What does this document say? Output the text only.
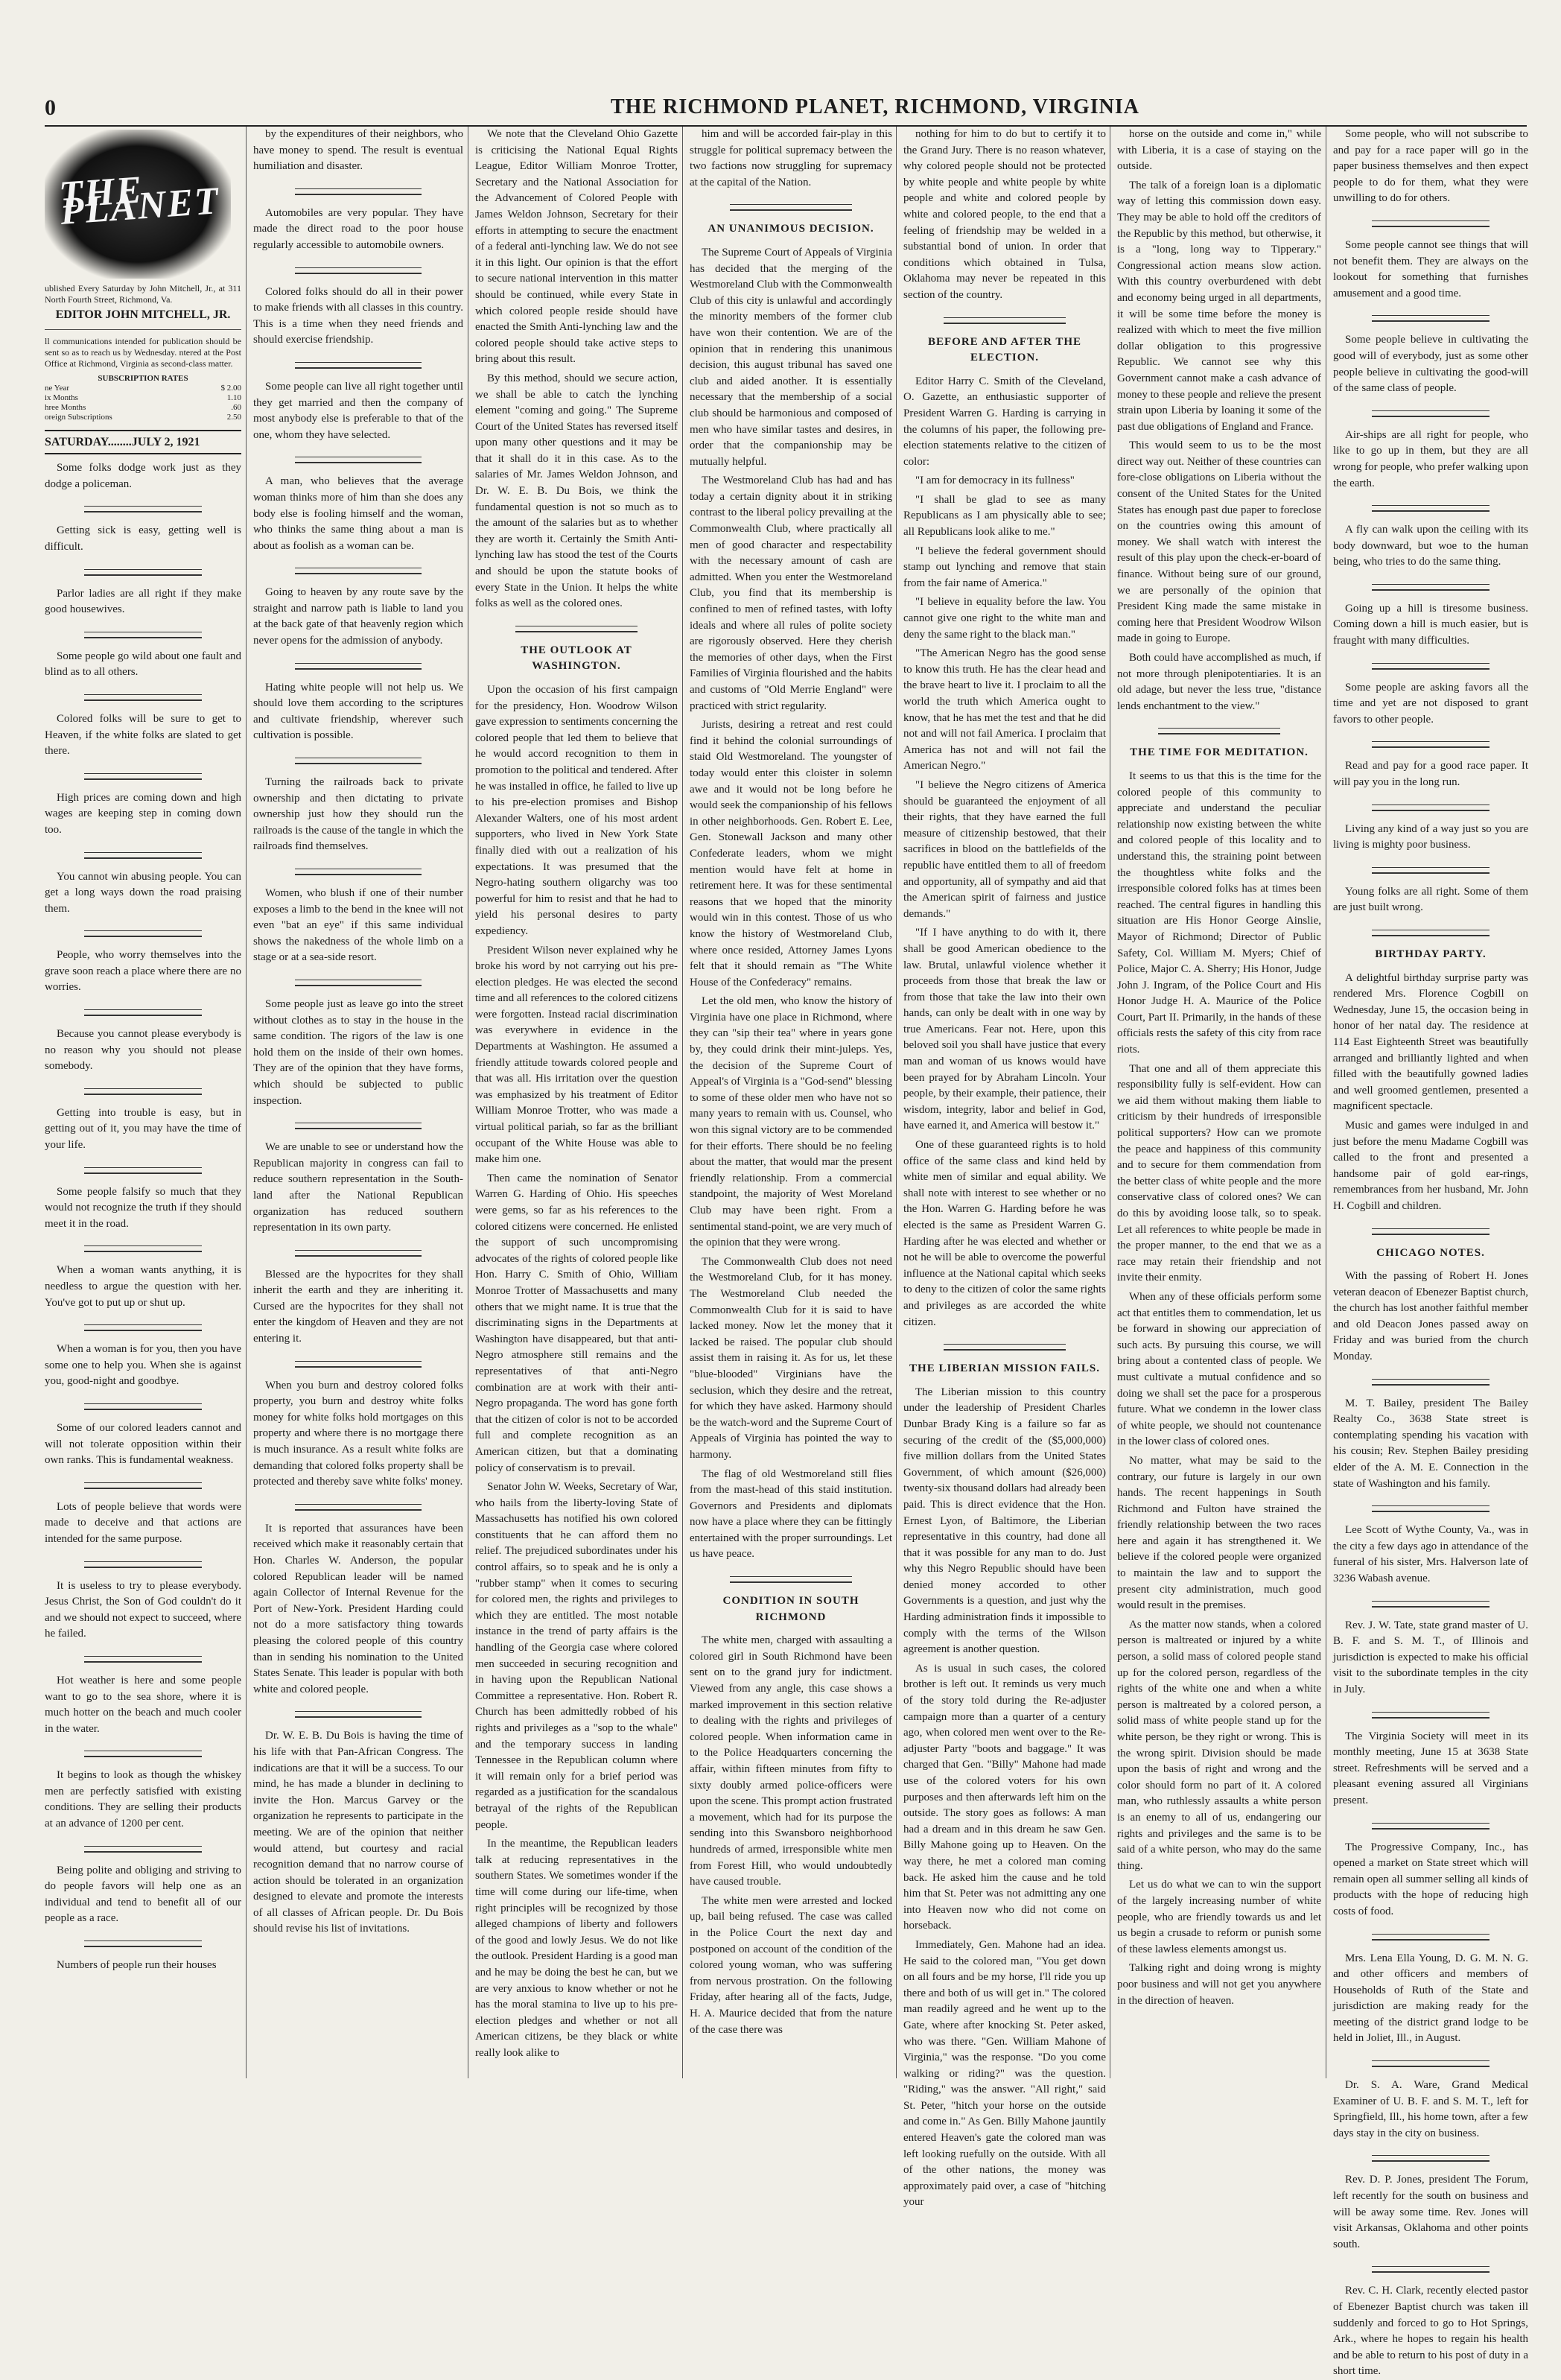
0	THE RICHMOND PLANET, RICHMOND, VIRGINIA
THE PLANET
ublished Every Saturday by John Mitchell, Jr., at 311 North Fourth Street, Richmond, Va.
EDITOR JOHN MITCHELL, JR.
ll communications intended for publication should be sent so as to reach us by Wednesday. ntered at the Post Office at Richmond, Virginia as second-class matter.
SUBSCRIPTION RATES
ne Year	$ 2.00
ix Months	1.10
hree Months	.60
oreign Subscriptions	2.50
SATURDAY........JULY 2, 1921

Some folks dodge work just as they dodge a policeman.

Getting sick is easy, getting well is difficult.

Parlor ladies are all right if they make good housewives.

Some people go wild about one fault and blind as to all others.

Colored folks will be sure to get to Heaven, if the white folks are slated to get there.

High prices are coming down and high wages are keeping step in coming down too.

You cannot win abusing people. You can get a long ways down the road praising them.

People, who worry themselves into the grave soon reach a place where there are no worries.

Because you cannot please everybody is no reason why you should not please somebody.

Getting into trouble is easy, but in getting out of it, you may have the time of your life.

Some people falsify so much that they would not recognize the truth if they should meet it in the road.

When a woman wants anything, it is needless to argue the question with her. You've got to put up or shut up.

When a woman is for you, then you have some one to help you. When she is against you, good-night and goodbye.

Some of our colored leaders cannot and will not tolerate opposition within their own ranks. This is fundamental weakness.

Lots of people believe that words were made to deceive and that actions are intended for the same purpose.

It is useless to try to please everybody. Jesus Christ, the Son of God couldn't do it and we should not expect to succeed, where he failed.

Hot weather is here and some people want to go to the sea shore, where it is much hotter on the beach and much cooler in the water.

It begins to look as though the whiskey men are perfectly satisfied with existing conditions. They are selling their products at an advance of 1200 per cent.

Being polite and obliging and striving to do people favors will help one as an individual and tend to benefit all of our people as a race.

Numbers of people run their houses

by the expenditures of their neighbors, who have money to spend. The result is eventual humiliation and disaster.

Automobiles are very popular. They have made the direct road to the poor house regularly accessible to automobile owners.

Colored folks should do all in their power to make friends with all classes in this country. This is a time when they need friends and should exercise friendship.

Some people can live all right together until they get married and then the company of most anybody else is preferable to that of the one, whom they have selected.

A man, who believes that the average woman thinks more of him than she does any body else is fooling himself and the woman, who thinks the same thing about a man is about as foolish as a woman can be.

Going to heaven by any route save by the straight and narrow path is liable to land you at the back gate of that heavenly region which never opens for the admission of anybody.

Hating white people will not help us. We should love them according to the scriptures and cultivate friendship, wherever such cultivation is possible.

Turning the railroads back to private ownership and then dictating to private ownership just how they should run the railroads is the cause of the tangle in which the railroads find themselves.

Women, who blush if one of their number exposes a limb to the bend in the knee will not even "bat an eye" if this same individual shows the nakedness of the whole limb on a stage or at a sea-side resort.

Some people just as leave go into the street without clothes as to stay in the house in the same condition. The rigors of the law is one hold them on the inside of their own homes. They are of the opinion that they have forms, which should be subjected to public inspection.

We are unable to see or understand how the Republican majority in congress can fail to reduce southern representation in the South-land after the National Republican organization has reduced southern representation in its own party.

Blessed are the hypocrites for they shall inherit the earth and they are inheriting it. Cursed are the hypocrites for they shall not enter the kingdom of Heaven and they are not entering it.

When you burn and destroy colored folks property, you burn and destroy white folks money for white folks hold mortgages on this property and where there is no mortgage there is much insurance. As a result white folks are demanding that colored folks property shall be protected and thereby save white folks' money.

It is reported that assurances have been received which make it reasonably certain that Hon. Charles W. Anderson, the popular colored Republican leader will be named again Collector of Internal Revenue for the Port of New-York. President Harding could not do a more satisfactory thing towards pleasing the colored people of this country than in sending his nomination to the United States Senate. This leader is popular with both white and colored people.

Dr. W. E. B. Du Bois is having the time of his life with that Pan-African Congress. The indications are that it will be a success. To our mind, he has made a blunder in declining to invite the Hon. Marcus Garvey or the organization he represents to participate in the meeting. We are of the opinion that neither would attend, but courtesy and racial recognition demand that no narrow course of action should be tolerated in an organization designed to elevate and promote the interests of all classes of African people. Dr. Du Bois should revise his list of invitations.

We note that the Cleveland Ohio Gazette is criticising the National Equal Rights League, Editor William Monroe Trotter, Secretary and the National Association for the Advancement of Colored People with James Weldon Johnson, Secretary for their efforts in attempting to secure the enactment of a federal anti-lynching law. We do not see it in this light. Our opinion is that the effort to secure national intervention in this matter should be continued, while every State in which colored people reside should have enacted the Smith Anti-lynching law and the colored people should take active steps to bring about this result.

By this method, should we secure action, we shall be able to catch the lynching element "coming and going." The Supreme Court of the United States has reversed itself upon many other questions and it may be that it shall do it in this case. As to the salaries of Mr. James Weldon Johnson, and Dr. W. E. B. Du Bois, we think the fundamental question is not so much as to the amount of the salaries but as to whether they are worth it. Certainly the Smith Anti-lynching law has stood the test of the Courts and should be upon the statute books of every State in the Union. It helps the white folks as well as the colored ones.

THE OUTLOOK AT WASHINGTON.

Upon the occasion of his first campaign for the presidency, Hon. Woodrow Wilson gave expression to sentiments concerning the colored people that led them to believe that he would accord recognition to them in promotion to the political and tendered. After he was installed in office, he failed to live up to his pre-election promises and Bishop Alexander Walters, one of his most ardent supporters, who lived in New York State finally died with out a realization of his expectations. It was presumed that the Negro-hating southern oligarchy was too powerful for him to resist and that he had to yield his personal desires to party expediency.

President Wilson never explained why he broke his word by not carrying out his pre-election pledges. He was elected the second time and all references to the colored citizens were forgotten. Instead racial discrimination was everywhere in evidence in the Departments at Washington. He assumed a friendly attitude towards colored people and that was all. His irritation over the question was emphasized by his treatment of Editor William Monroe Trotter, who was made a virtual political pariah, so far as the brilliant occupant of the White House was able to make him one.

Then came the nomination of Senator Warren G. Harding of Ohio. His speeches were gems, so far as his references to the colored citizens were concerned. He enlisted the support of such uncompromising advocates of the rights of colored people like Hon. Harry C. Smith of Ohio, William Monroe Trotter of Massachusetts and many others that we might name. It is true that the discriminating signs in the Departments at Washington have disappeared, but that anti-Negro atmosphere still remains and the representatives of that anti-Negro combination are at work with their anti-Negro propaganda. The word has gone forth that the citizen of color is not to be accorded full and complete recognition as an American citizen, but that a dominating policy of conservatism is to prevail.

Senator John W. Weeks, Secretary of War, who hails from the liberty-loving State of Massachusetts has notified his own colored constituents that he can afford them no relief. The prejudiced subordinates under his control affairs, so to speak and he is only a "rubber stamp" when it comes to securing for colored men, the rights and privileges to which they are entitled. The most notable instance in the trend of party affairs is the handling of the Georgia case where colored men succeeded in securing recognition and in having upon the Republican National Committee a representative. Hon. Robert R. Church has been admittedly robbed of his rights and privileges as a "sop to the whale" and the temporary success in landing Tennessee in the Republican column where it will remain only for a brief period was regarded as a justification for the scandalous betrayal of the rights of the Republican people.

In the meantime, the Republican leaders talk at reducing representatives in the southern States. We sometimes wonder if the time will come during our life-time, when right principles will be recognized by those alleged champions of liberty and followers of the good and lowly Jesus. We do not like the outlook. President Harding is a good man and he may be doing the best he can, but we are very anxious to know whether or not he has the moral stamina to live up to his pre-election pledges and whether or not all American citizens, be they black or white really look alike to

him and will be accorded fair-play in this struggle for political supremacy between the two factions now struggling for supremacy at the capital of the Nation.

AN UNANIMOUS DECISION.

The Supreme Court of Appeals of Virginia has decided that the merging of the Westmoreland Club with the Commonwealth Club of this city is unlawful and accordingly the minority members of the former club have won their contention. We are of the opinion that in rendering this unanimous decision, this august tribunal has saved one club and aided another. It is essentially necessary that the membership of a social club should be harmonious and composed of men who have similar tastes and desires, in order that the companionship may be mutually helpful.

The Westmoreland Club has had and has today a certain dignity about it in striking contrast to the liberal policy prevailing at the Commonwealth Club, where practically all men of good character and respectability with the necessary amount of cash are admitted. When you enter the Westmoreland Club, you find that its membership is confined to men of refined tastes, with lofty ideals and where all rules of polite society are rigorously observed. Here they cherish the memories of other days, when the First Families of Virginia flourished and the habits and customs of "Old Merrie England" were practiced with strict regularity.

Jurists, desiring a retreat and rest could find it behind the colonial surroundings of staid Old Westmoreland. The youngster of today would enter this cloister in solemn awe and it would not be long before he would seek the companionship of his fellows in other neighborhoods. Gen. Robert E. Lee, Gen. Stonewall Jackson and many other Confederate leaders, whom we might mention would have felt at home in retirement here. It was for these sentimental reasons that we hoped that the minority would win in this contest. Those of us who know the history of Westmoreland Club, where once resided, Attorney James Lyons felt that it should remain as "The White House of the Confederacy" remains.

Let the old men, who know the history of Virginia have one place in Richmond, where they can "sip their tea" where in years gone by, they could drink their mint-juleps. Yes, the decision of the Supreme Court of Appeal's of Virginia is a "God-send" blessing to some of these older men who have not so many years to remain with us. Counsel, who won this signal victory are to be commended for their efforts. There should be no feeling about the matter, that would mar the present friendly relationship. From a commercial standpoint, the majority of West Moreland Club may have been right. From a sentimental stand-point, we are very much of the opinion that they were wrong.

The Commonwealth Club does not need the Westmoreland Club, for it has money. The Westmoreland Club needed the Commonwealth Club for it is said to have lacked money. Now let the money that it lacked be raised. The popular club should assist them in raising it. As for us, let these "blue-blooded" Virginians have the seclusion, which they desire and the retreat, for which they have asked. Harmony should be the watch-word and the Supreme Court of Appeals of Virginia has pointed the way to harmony.

The flag of old Westmoreland still flies from the mast-head of this staid institution. Governors and Presidents and diplomats now have a place where they can be fittingly entertained with the proper surroundings. Let us have peace.

CONDITION IN SOUTH RICHMOND

The white men, charged with assaulting a colored girl in South Richmond have been sent on to the grand jury for indictment. Viewed from any angle, this case shows a marked improvement in this section relative to dealing with the rights and privileges of colored people. When information came in to the Police Headquarters concerning the affair, within fifteen minutes from fifty to sixty doubly armed police-officers were upon the scene. This prompt action frustrated a movement, which had for its purpose the sending into this Swansboro neighborhood hundreds of armed, irresponsible white men from Forest Hill, who would undoubtedly have caused trouble.

The white men were arrested and locked up, bail being refused. The case was called in the Police Court the next day and postponed on account of the condition of the colored young woman, who was suffering from nervous prostration. On the following Friday, after hearing all of the facts, Judge, H. A. Maurice decided that from the nature of the case there was

nothing for him to do but to certify it to the Grand Jury. There is no reason whatever, why colored people should not be protected by white people and white people by white people and white and colored people by white and colored people, to the end that a feeling of friendship may be welded in a substantial bond of union. In order that conditions which obtained in Tulsa, Oklahoma may never be repeated in this section of the country.

BEFORE AND AFTER THE ELECTION.

Editor Harry C. Smith of the Cleveland, O. Gazette, an enthusiastic supporter of President Warren G. Harding is carrying in the columns of his paper, the following pre-election statements relative to the citizen of color:

"I am for democracy in its fullness"

"I shall be glad to see as many Republicans as I am physically able to see; all Republicans look alike to me."

"I believe the federal government should stamp out lynching and remove that stain from the fair name of America."

"I believe in equality before the law. You cannot give one right to the white man and deny the same right to the black man."

"The American Negro has the good sense to know this truth. He has the clear head and the brave heart to live it. I proclaim to all the world the truth which America ought to know, that he has met the test and that he did not and will not fail America. I proclaim that America has not and will not fail the American Negro."

"I believe the Negro citizens of America should be guaranteed the enjoyment of all their rights, that they have earned the full measure of citizenship bestowed, that their sacrifices in blood on the battlefields of the republic have entitled them to all of freedom and opportunity, all of sympathy and aid that the American spirit of fairness and justice demands."

"If I have anything to do with it, there shall be good American obedience to the law. Brutal, unlawful violence whether it proceeds from those that break the law or from those that take the law into their own hands, can only be dealt with in one way by true Americans. Fear not. Here, upon this beloved soil you shall have justice that every man and woman of us knows would have been prayed for by Abraham Lincoln. Your people, by their example, their patience, their wisdom, integrity, labor and belief in God, have earned it, and America will bestow it."

One of these guaranteed rights is to hold office of the same class and kind held by white men of similar and equal ability. We shall note with interest to see whether or no the Hon. Warren G. Harding before he was elected is the same as President Warren G. Harding after he was elected and whether or not he will be able to overcome the powerful influence at the National capital which seeks to deny to the citizen of color the same rights and privileges as are accorded the white citizen.

THE LIBERIAN MISSION FAILS.

The Liberian mission to this country under the leadership of President Charles Dunbar Brady King is a failure so far as securing of the credit of the ($5,000,000) five million dollars from the United States Government, of which amount ($26,000) twenty-six thousand dollars had already been paid. This is direct evidence that the Hon. Ernest Lyon, of Baltimore, the Liberian representative in this country, had done all that it was possible for any man to do. Just why this Negro Republic should have been denied money accorded to other Governments is a question, and just why the Harding administration finds it impossible to comply with the terms of the Wilson agreement is another question.

As is usual in such cases, the colored brother is left out. It reminds us very much of the story told during the Re-adjuster campaign more than a quarter of a century ago, when colored men went over to the Re-adjuster Party "boots and baggage." It was charged that Gen. "Billy" Mahone had made use of the colored voters for his own purposes and then afterwards left him on the outside. The story goes as follows: A man had a dream and in this dream he saw Gen. Billy Mahone going up to Heaven. On the way there, he met a colored man coming back. He asked him the cause and he told him that St. Peter was not admitting any one into Heaven now who did not come on horseback.

Immediately, Gen. Mahone had an idea. He said to the colored man, "You get down on all fours and be my horse, I'll ride you up there and both of us will get in." The colored man readily agreed and he went up to the Gate, where after knocking St. Peter asked, who was there. "Gen. William Mahone of Virginia," was the response. "Do you come walking or riding?" was the question. "Riding," was the answer. "All right," said St. Peter, "hitch your horse on the outside and come in." As Gen. Billy Mahone jauntily entered Heaven's gate the colored man was left looking ruefully on the outside. With all of the other nations, the money was approximately paid over, a case of "hitching your

horse on the outside and come in," while with Liberia, it is a case of staying on the outside.

The talk of a foreign loan is a diplomatic way of letting this commission down easy. They may be able to hold off the creditors of the Republic by this method, but otherwise, it is a "long, long way to Tipperary." Congressional action means slow action. With this country overburdened with debt and economy being urged in all departments, it will be some time before the money is realized with which to meet the five million dollar obligation to this progressive Republic. We cannot see why this Government cannot make a cash advance of money to these people and relieve the present strain upon Liberia by loaning it some of the past due obligations of England and France.

This would seem to us to be the most direct way out. Neither of these countries can fore-close obligations on Liberia without the consent of the United States for the United States has enough past due paper to foreclose on the countries owing this amount of money. We shall watch with interest the result of this play upon the check-er-board of finance. Without being sure of our ground, we are personally of the opinion that President King made the same mistake in coming here that President Woodrow Wilson made in going to Europe.

Both could have accomplished as much, if not more through plenipotentiaries. It is an old adage, but never the less true, "distance lends enchantment to the view."

THE TIME FOR MEDITATION.

It seems to us that this is the time for the colored people of this community to appreciate and understand the peculiar relationship now existing between the white and colored people of this locality and to understand this, the straining point between the thoughtless white folks and the irresponsible colored folks has at times been reached. The central figures in handling this situation are His Honor George Ainslie, Mayor of Richmond; Director of Public Safety, Col. William M. Myers; Chief of Police, Major C. A. Sherry; His Honor, Judge John J. Ingram, of the Police Court and His Honor Judge H. A. Maurice of the Police Court, Part II. Primarily, in the hands of these officials rests the safety of this city from race riots.

That one and all of them appreciate this responsibility fully is self-evident. How can we aid them without making them liable to criticism by their hundreds of irresponsible political supporters? How can we promote the peace and happiness of this community and to secure for them commendation from the better class of white people and the more conservative class of colored ones? We can do this by avoiding loose talk, so to speak. Let all references to white people be made in the proper manner, to the end that we as a race may retain their friendship and not invite their enmity.

When any of these officials perform some act that entitles them to commendation, let us be forward in showing our appreciation of such acts. By pursuing this course, we will bring about a contented class of people. We must cultivate a mutual confidence and so doing we shall set the pace for a prosperous future. What we condemn in the lower class of white people, we should not countenance in the lower class of colored ones.

No matter, what may be said to the contrary, our future is largely in our own hands. The recent happenings in South Richmond and Fulton have strained the friendly relationship between the two races here and again it has strengthened it. We believe if the colored people were organized to maintain the law and to support the present city administration, much good would result in the premises.

As the matter now stands, when a colored person is maltreated or injured by a white person, a solid mass of colored people stand up for the colored person, regardless of the rights of the white one and when a white person is maltreated by a colored person, a solid mass of white people stand up for the white person, be they right or wrong. This is the wrong spirit. Division should be made upon the basis of right and wrong and the color should form no part of it. A colored man, who ruthlessly assaults a white person is an enemy to all of us, endangering our rights and privileges and the same is to be said of a white person, who may do the same thing.

Let us do what we can to win the support of the largely increasing number of white people, who are friendly towards us and let us begin a crusade to reform or punish some of these lawless elements amongst us.

Talking right and doing wrong is mighty poor business and will not get you anywhere in the direction of heaven.

Some people, who will not subscribe to and pay for a race paper will go in the paper business themselves and then expect people to do for them, what they were unwilling to do for others.

Some people cannot see things that will not benefit them. They are always on the lookout for something that furnishes amusement and a good time.

Some people believe in cultivating the good will of everybody, just as some other people believe in cultivating the good-will of the same class of people.

Air-ships are all right for people, who like to go up in them, but they are all wrong for people, who prefer walking upon the earth.

A fly can walk upon the ceiling with its body downward, but woe to the human being, who tries to do the same thing.

Going up a hill is tiresome business. Coming down a hill is much easier, but is fraught with many difficulties.

Some people are asking favors all the time and yet are not disposed to grant favors to other people.

Read and pay for a good race paper. It will pay you in the long run.

Living any kind of a way just so you are living is mighty poor business.

Young folks are all right. Some of them are just built wrong.

BIRTHDAY PARTY.

A delightful birthday surprise party was rendered Mrs. Florence Cogbill on Wednesday, June 15, the occasion being in honor of her natal day. The residence at 114 East Eighteenth Street was beautifully arranged and brilliantly lighted and when filled with the beautifully gowned ladies and well groomed gentlemen, presented a magnificent spectacle.

Music and games were indulged in and just before the menu Madame Cogbill was called to the front and presented a handsome pair of gold ear-rings, remembrances from her husband, Mr. John H. Cogbill and children.

CHICAGO NOTES.

With the passing of Robert H. Jones veteran deacon of Ebenezer Baptist church, the church has lost another faithful member and old Deacon Jones passed away on Friday and was buried from the church Monday.

M. T. Bailey, president The Bailey Realty Co., 3638 State street is contemplating spending his vacation with his cousin; Rev. Stephen Bailey presiding elder of the A. M. E. Connection in the state of Washington and his family.

Lee Scott of Wythe County, Va., was in the city a few days ago in attendance of the funeral of his sister, Mrs. Halverson late of 3236 Wabash avenue.

Rev. J. W. Tate, state grand master of U. B. F. and S. M. T., of Illinois and jurisdiction is expected to make his official visit to the subordinate temples in the city in July.

The Virginia Society will meet in its monthly meeting, June 15 at 3638 State street. Refreshments will be served and a pleasant evening assured all Virginians present.

The Progressive Company, Inc., has opened a market on State street which will remain open all summer selling all kinds of products with the hope of reducing high costs of food.

Mrs. Lena Ella Young, D. G. M. N. G. and other officers and members of Households of Ruth of the State and jurisdiction are making ready for the meeting of the district grand lodge to be held in Joliet, Ill., in August.

Dr. S. A. Ware, Grand Medical Examiner of U. B. F. and S. M. T., left for Springfield, Ill., his home town, after a few days stay in the city on business.

Rev. D. P. Jones, president The Forum, left recently for the south on business and will be away some time. Rev. Jones will visit Arkansas, Oklahoma and other points south.

Rev. C. H. Clark, recently elected pastor of Ebenezer Baptist church was taken ill suddenly and forced to go to Hot Springs, Ark., where he hopes to regain his health and be able to return to his post of duty in a short time.
